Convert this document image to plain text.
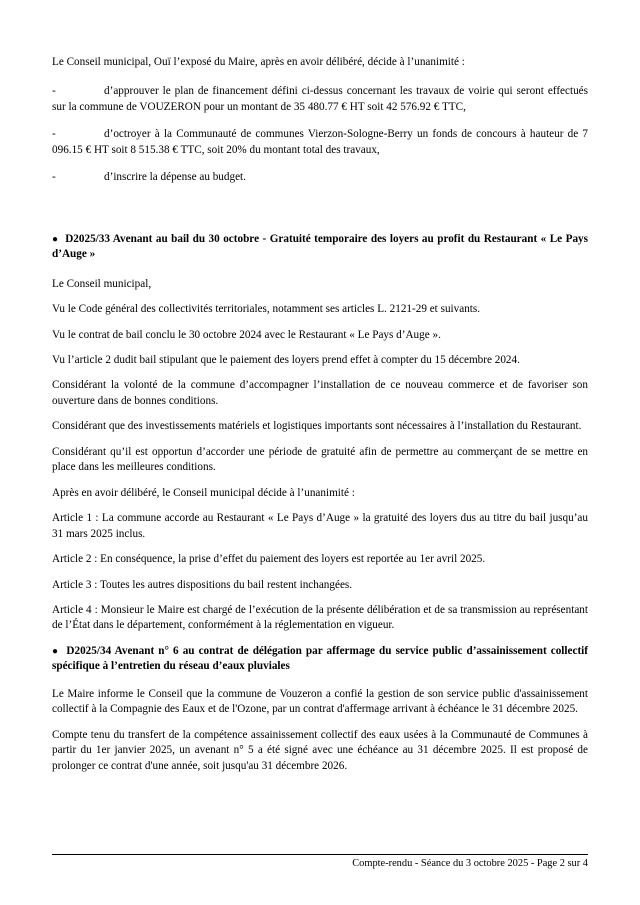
Le Conseil municipal, Ouï l’exposé du Maire, après en avoir délibéré, décide à l’unanimité :

-	d’approuver le plan de financement défini ci-dessus concernant les travaux de voirie qui seront effectués sur la commune de VOUZERON pour un montant de 35 480.77 € HT soit 42 576.92 € TTC,

-	d’octroyer à la Communauté de communes Vierzon-Sologne-Berry un fonds de concours à hauteur de 7 096.15 € HT soit 8 515.38 € TTC, soit 20% du montant total des travaux,

-	d’inscrire la dépense au budget.

● D2025/33 Avenant au bail du 30 octobre - Gratuité temporaire des loyers au profit du Restaurant « Le Pays d’Auge »

Le Conseil municipal,

Vu le Code général des collectivités territoriales, notamment ses articles L. 2121-29 et suivants.

Vu le contrat de bail conclu le 30 octobre 2024 avec le Restaurant « Le Pays d’Auge ».

Vu l’article 2 dudit bail stipulant que le paiement des loyers prend effet à compter du 15 décembre 2024.

Considérant la volonté de la commune d’accompagner l’installation de ce nouveau commerce et de favoriser son ouverture dans de bonnes conditions.

Considérant que des investissements matériels et logistiques importants sont nécessaires à l’installation du Restaurant.

Considérant qu’il est opportun d’accorder une période de gratuité afin de permettre au commerçant de se mettre en place dans les meilleures conditions.

Après en avoir délibéré, le Conseil municipal décide à l’unanimité :

Article 1 : La commune accorde au Restaurant « Le Pays d’Auge » la gratuité des loyers dus au titre du bail jusqu’au 31 mars 2025 inclus.

Article 2 : En conséquence, la prise d’effet du paiement des loyers est reportée au 1er avril 2025.

Article 3 : Toutes les autres dispositions du bail restent inchangées.

Article 4 : Monsieur le Maire est chargé de l’exécution de la présente délibération et de sa transmission au représentant de l’État dans le département, conformément à la réglementation en vigueur.

● D2025/34 Avenant n° 6 au contrat de délégation par affermage du service public d’assainissement collectif spécifique à l’entretien du réseau d’eaux pluviales

Le Maire informe le Conseil que la commune de Vouzeron a confié la gestion de son service public d'assainissement collectif à la Compagnie des Eaux et de l'Ozone, par un contrat d'affermage arrivant à échéance le 31 décembre 2025.

Compte tenu du transfert de la compétence assainissement collectif des eaux usées à la Communauté de Communes à partir du 1er janvier 2025, un avenant n° 5 a été signé avec une échéance au 31 décembre 2025. Il est proposé de prolonger ce contrat d'une année, soit jusqu'au 31 décembre 2026.

Compte-rendu - Séance du 3 octobre 2025 - Page 2 sur 4
